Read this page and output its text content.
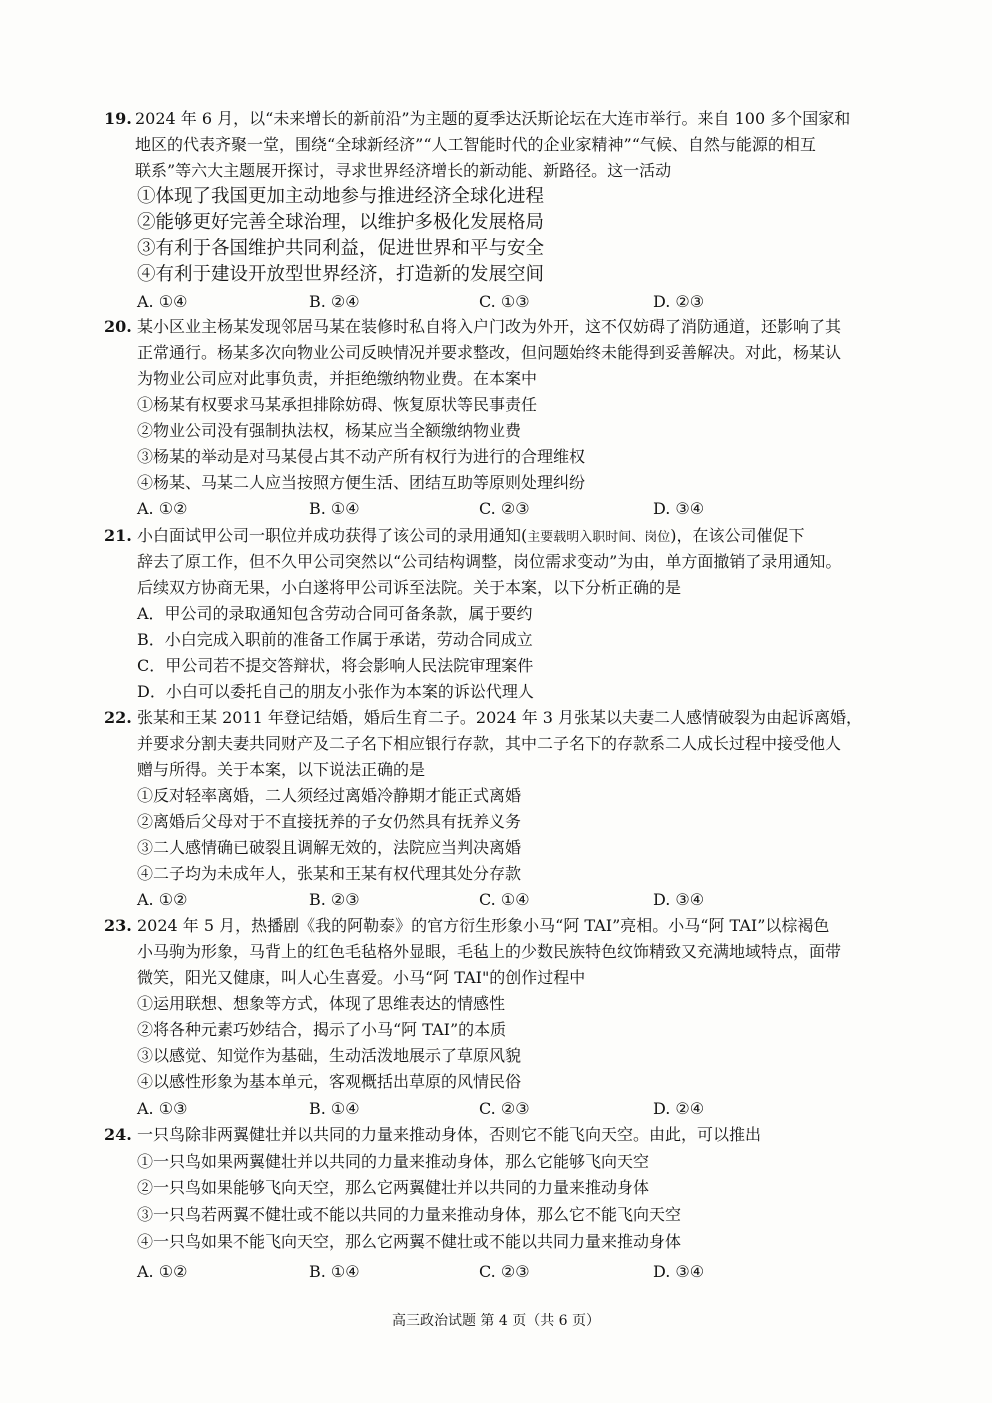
19. 2024 年 6 月，以“未来增长的新前沿”为主题的夏季达沃斯论坛在大连市举行。来自 100 多个国家和
地区的代表齐聚一堂，围绕“全球新经济”“人工智能时代的企业家精神”“气候、自然与能源的相互
联系”等六大主题展开探讨，寻求世界经济增长的新动能、新路径。这一活动
①体现了我国更加主动地参与推进经济全球化进程
②能够更好完善全球治理，以维护多极化发展格局
③有利于各国维护共同利益，促进世界和平与安全
④有利于建设开放型世界经济，打造新的发展空间
A. ①④	B. ②④	C. ①③	D. ②③
20. 某小区业主杨某发现邻居马某在装修时私自将入户门改为外开，这不仅妨碍了消防通道，还影响了其
正常通行。杨某多次向物业公司反映情况并要求整改，但问题始终未能得到妥善解决。对此，杨某认
为物业公司应对此事负责，并拒绝缴纳物业费。在本案中
①杨某有权要求马某承担排除妨碍、恢复原状等民事责任
②物业公司没有强制执法权，杨某应当全额缴纳物业费
③杨某的举动是对马某侵占其不动产所有权行为进行的合理维权
④杨某、马某二人应当按照方便生活、团结互助等原则处理纠纷
A. ①②	B. ①④	C. ②③	D. ③④
21. 小白面试甲公司一职位并成功获得了该公司的录用通知(主要载明入职时间、岗位)，在该公司催促下
辞去了原工作，但不久甲公司突然以“公司结构调整，岗位需求变动”为由，单方面撤销了录用通知。
后续双方协商无果，小白遂将甲公司诉至法院。关于本案，以下分析正确的是
A．甲公司的录取通知包含劳动合同可备条款，属于要约
B．小白完成入职前的准备工作属于承诺，劳动合同成立
C．甲公司若不提交答辩状，将会影响人民法院审理案件
D．小白可以委托自己的朋友小张作为本案的诉讼代理人
22. 张某和王某 2011 年登记结婚，婚后生育二子。2024 年 3 月张某以夫妻二人感情破裂为由起诉离婚，
并要求分割夫妻共同财产及二子名下相应银行存款，其中二子名下的存款系二人成长过程中接受他人
赠与所得。关于本案，以下说法正确的是
①反对轻率离婚，二人须经过离婚冷静期才能正式离婚
②离婚后父母对于不直接抚养的子女仍然具有抚养义务
③二人感情确已破裂且调解无效的，法院应当判决离婚
④二子均为未成年人，张某和王某有权代理其处分存款
A. ①②	B. ②③	C. ①④	D. ③④
23. 2024 年 5 月，热播剧《我的阿勒泰》的官方衍生形象小马“阿 TAI”亮相。小马“阿 TAI”以棕褐色
小马驹为形象，马背上的红色毛毡格外显眼，毛毡上的少数民族特色纹饰精致又充满地域特点，面带
微笑，阳光又健康，叫人心生喜爱。小马“阿 TAI"的创作过程中
①运用联想、想象等方式，体现了思维表达的情感性
②将各种元素巧妙结合，揭示了小马“阿 TAI”的本质
③以感觉、知觉作为基础，生动活泼地展示了草原风貌
④以感性形象为基本单元，客观概括出草原的风情民俗
A. ①③	B. ①④	C. ②③	D. ②④
24. 一只鸟除非两翼健壮并以共同的力量来推动身体，否则它不能飞向天空。由此，可以推出
①一只鸟如果两翼健壮并以共同的力量来推动身体，那么它能够飞向天空
②一只鸟如果能够飞向天空，那么它两翼健壮并以共同的力量来推动身体
③一只鸟若两翼不健壮或不能以共同的力量来推动身体，那么它不能飞向天空
④一只鸟如果不能飞向天空，那么它两翼不健壮或不能以共同力量来推动身体
A. ①②	B. ①④	C. ②③	D. ③④
高三政治试题 第 4 页（共 6 页）
